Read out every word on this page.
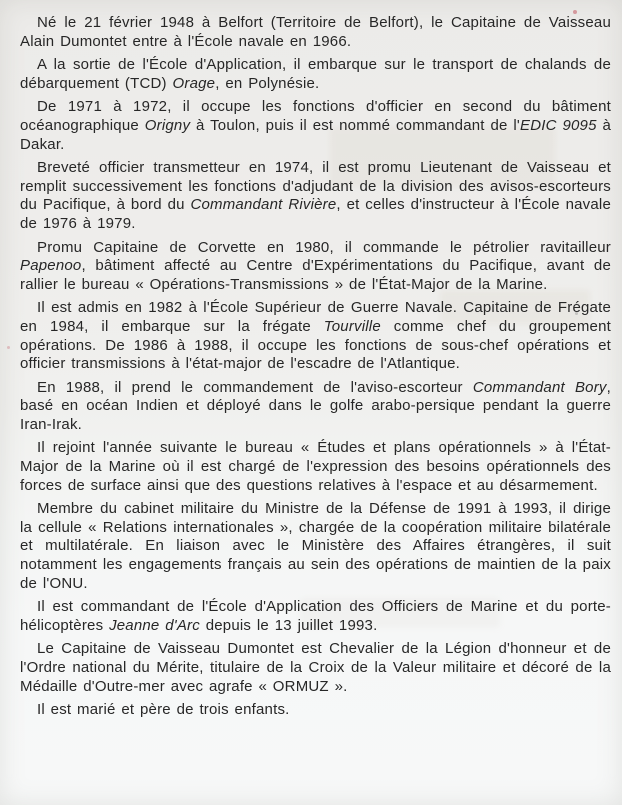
Né le 21 février 1948 à Belfort (Territoire de Belfort), le Capitaine de Vaisseau Alain Dumontet entre à l'École navale en 1966.

A la sortie de l'École d'Application, il embarque sur le transport de chalands de débarquement (TCD) Orage, en Polynésie.

De 1971 à 1972, il occupe les fonctions d'officier en second du bâtiment océanographique Origny à Toulon, puis il est nommé commandant de l'EDIC 9095 à Dakar.

Breveté officier transmetteur en 1974, il est promu Lieutenant de Vaisseau et remplit successivement les fonctions d'adjudant de la division des avisos-escorteurs du Pacifique, à bord du Commandant Rivière, et celles d'instructeur à l'École navale de 1976 à 1979.

Promu Capitaine de Corvette en 1980, il commande le pétrolier ravitailleur Papenoo, bâtiment affecté au Centre d'Expérimentations du Pacifique, avant de rallier le bureau « Opérations-Transmissions » de l'État-Major de la Marine.

Il est admis en 1982 à l'École Supérieur de Guerre Navale. Capitaine de Frégate en 1984, il embarque sur la frégate Tourville comme chef du groupement opérations. De 1986 à 1988, il occupe les fonctions de sous-chef opérations et officier transmissions à l'état-major de l'escadre de l'Atlantique.

En 1988, il prend le commandement de l'aviso-escorteur Commandant Bory, basé en océan Indien et déployé dans le golfe arabo-persique pendant la guerre Iran-Irak.

Il rejoint l'année suivante le bureau « Études et plans opérationnels » à l'État-Major de la Marine où il est chargé de l'expression des besoins opérationnels des forces de surface ainsi que des questions relatives à l'espace et au désarmement.

Membre du cabinet militaire du Ministre de la Défense de 1991 à 1993, il dirige la cellule « Relations internationales », chargée de la coopération militaire bilatérale et multilatérale. En liaison avec le Ministère des Affaires étrangères, il suit notamment les engagements français au sein des opérations de maintien de la paix de l'ONU.

Il est commandant de l'École d'Application des Officiers de Marine et du porte-hélicoptères Jeanne d'Arc depuis le 13 juillet 1993.

Le Capitaine de Vaisseau Dumontet est Chevalier de la Légion d'honneur et de l'Ordre national du Mérite, titulaire de la Croix de la Valeur militaire et décoré de la Médaille d'Outre-mer avec agrafe « ORMUZ ».

Il est marié et père de trois enfants.
